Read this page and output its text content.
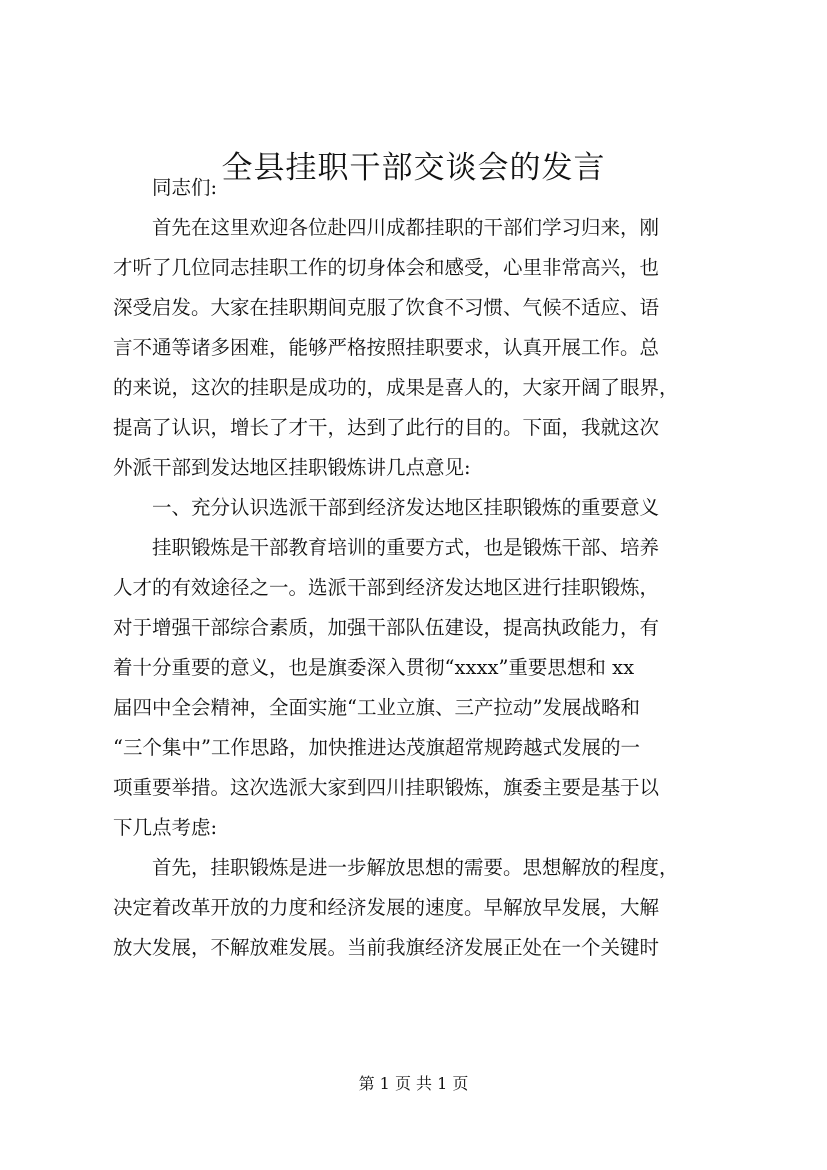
全县挂职干部交谈会的发言
同志们:
首先在这里欢迎各位赴四川成都挂职的干部们学习归来，刚
才听了几位同志挂职工作的切身体会和感受，心里非常高兴，也
深受启发。大家在挂职期间克服了饮食不习惯、气候不适应、语
言不通等诸多困难，能够严格按照挂职要求，认真开展工作。总
的来说，这次的挂职是成功的，成果是喜人的，大家开阔了眼界，
提高了认识，增长了才干，达到了此行的目的。下面，我就这次
外派干部到发达地区挂职锻炼讲几点意见:
一、充分认识选派干部到经济发达地区挂职锻炼的重要意义
挂职锻炼是干部教育培训的重要方式，也是锻炼干部、培养
人才的有效途径之一。选派干部到经济发达地区进行挂职锻炼，
对于增强干部综合素质，加强干部队伍建设，提高执政能力，有
着十分重要的意义，也是旗委深入贯彻“xxxx”重要思想和 xx
届四中全会精神，全面实施“工业立旗、三产拉动”发展战略和
“三个集中”工作思路，加快推进达茂旗超常规跨越式发展的一
项重要举措。这次选派大家到四川挂职锻炼，旗委主要是基于以
下几点考虑:
首先，挂职锻炼是进一步解放思想的需要。思想解放的程度，
决定着改革开放的力度和经济发展的速度。早解放早发展，大解
放大发展，不解放难发展。当前我旗经济发展正处在一个关键时
第 1 页 共 1 页
